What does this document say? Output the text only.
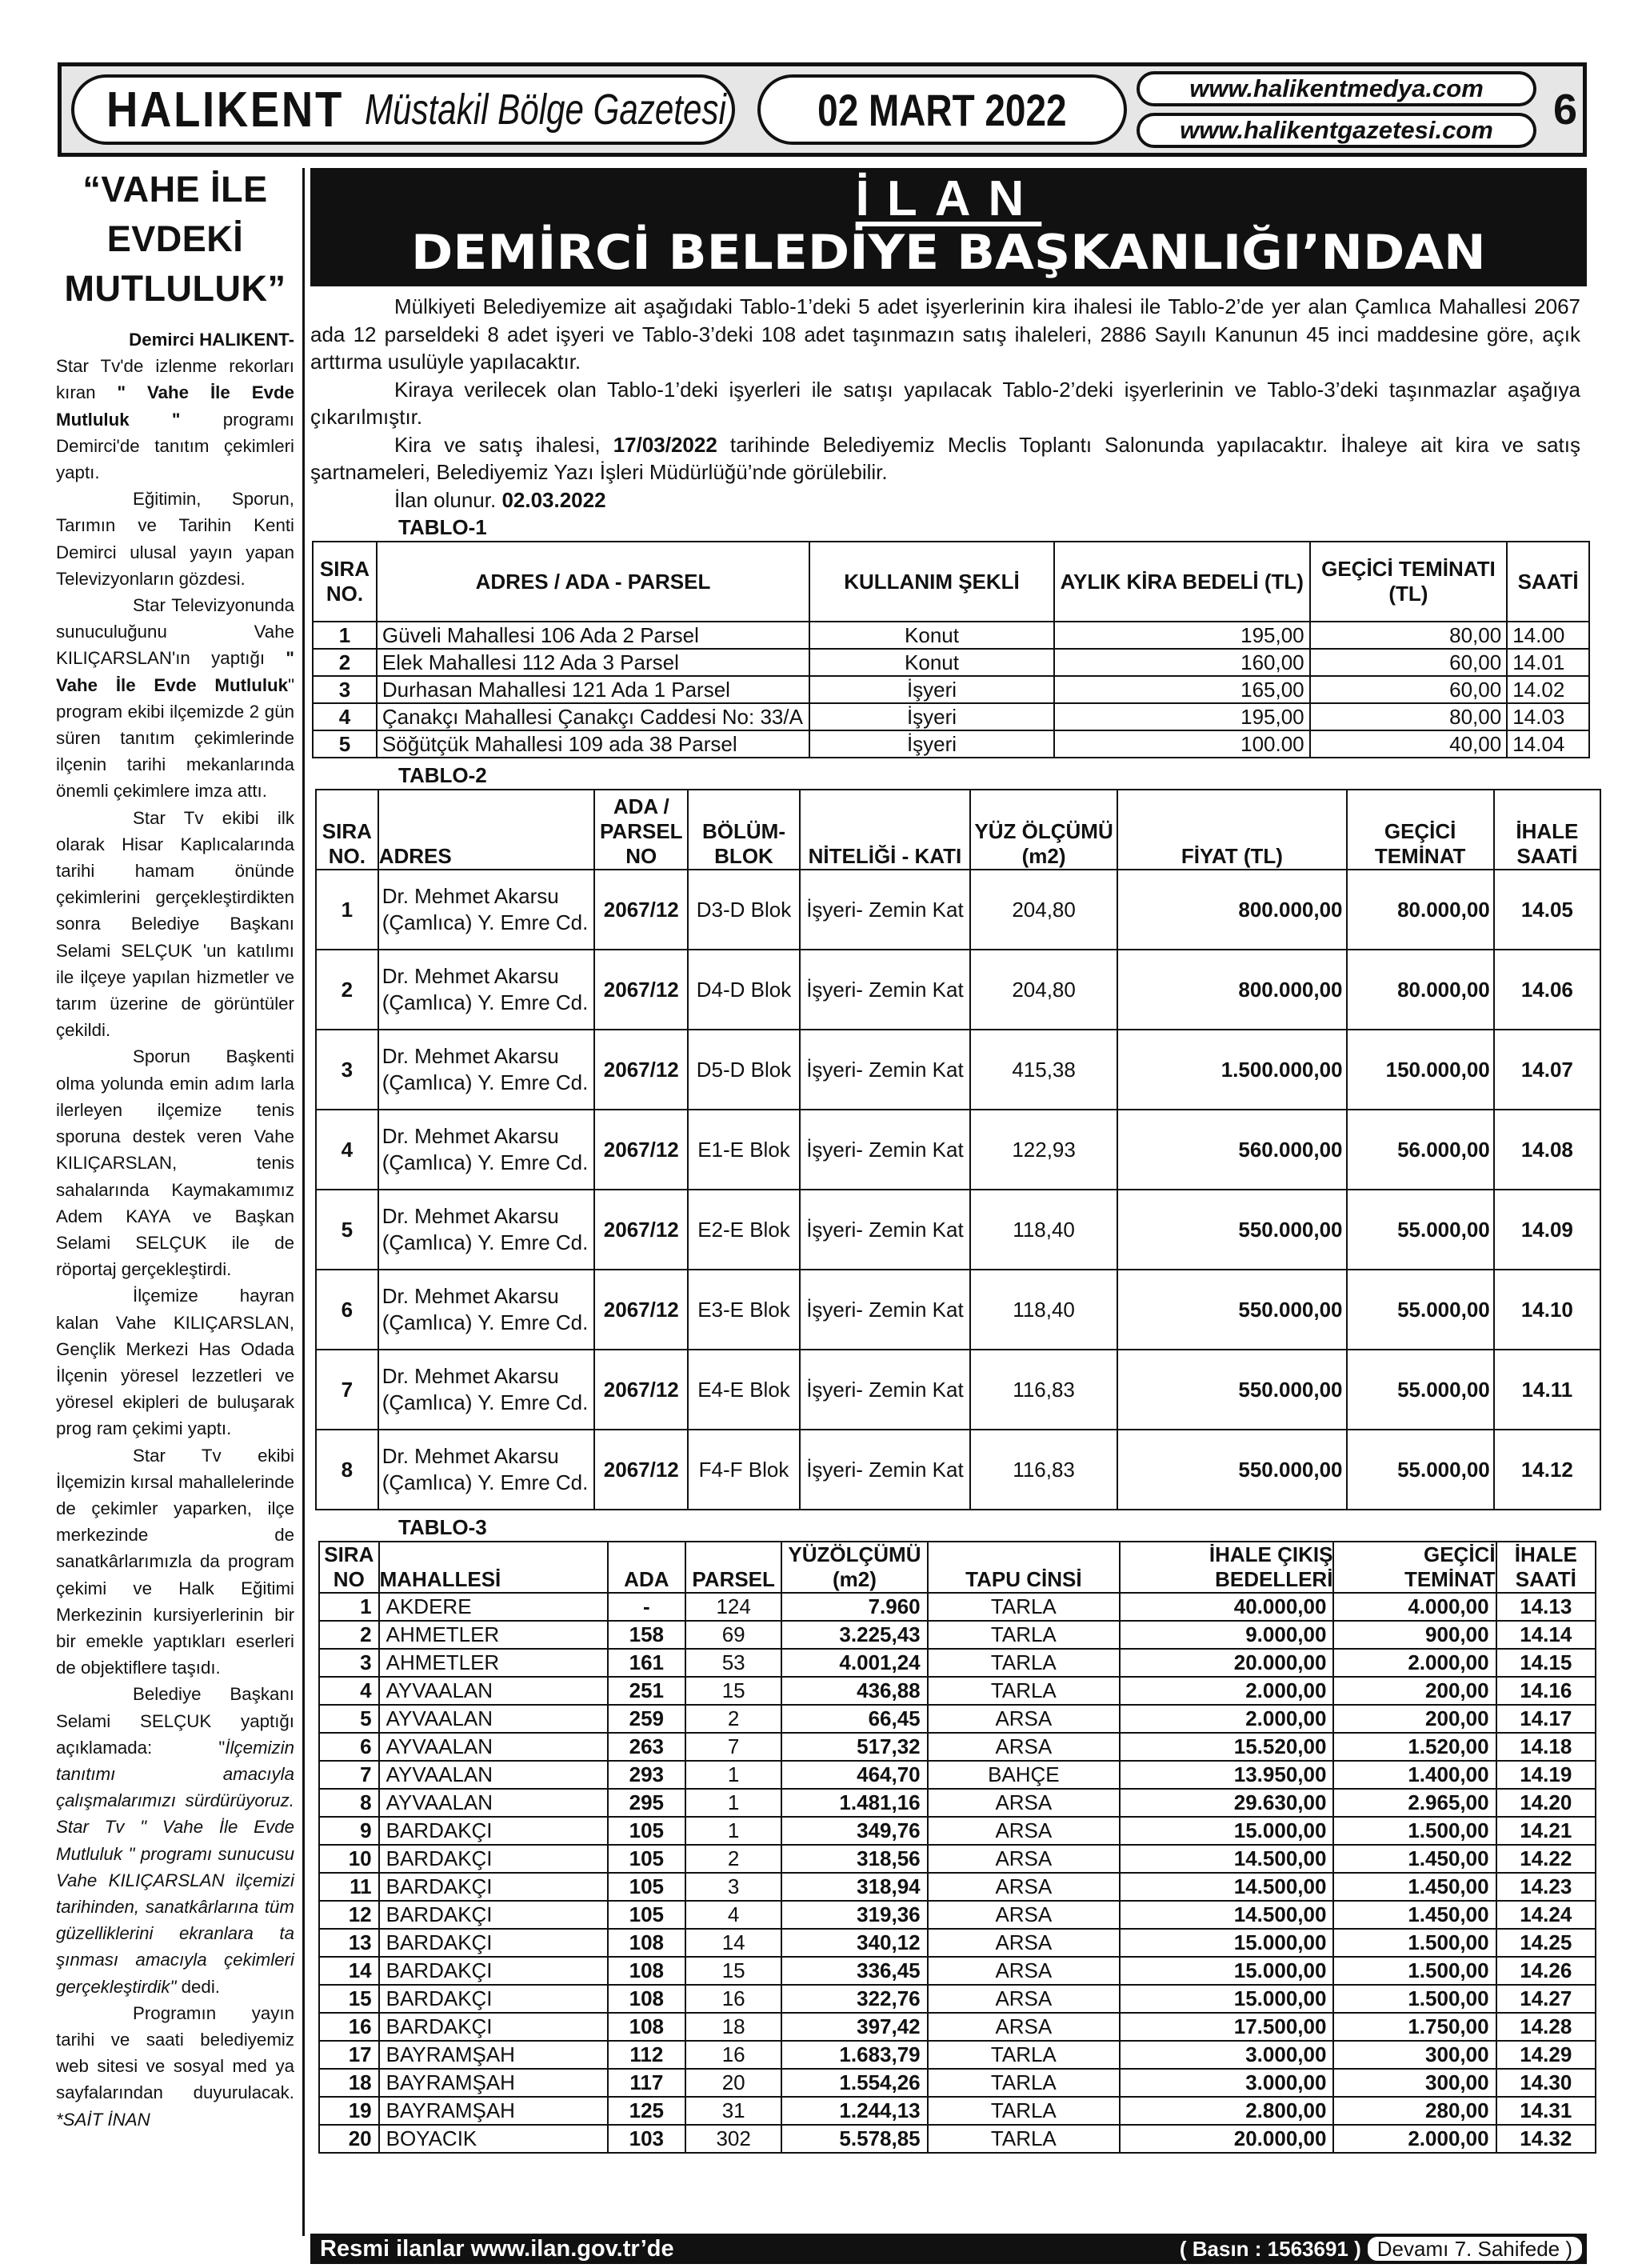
HALIKENT Müstakil Bölge Gazetesi 02 MART 2022	www.halikentmedya.com
www.halikentgazetesi.com	6
“VAHE İLE
EVDEKİ
MUTLULUK”

Demirci HALIKENT-
Star Tv'de izlenme rekorları kıran " Vahe İle Evde Mutluluk " programı Demirci'de tanıtım çekimleri yaptı.

Eğitimin, Sporun, Tarımın ve Tarihin Kenti Demirci ulusal yayın yapan Televizyonların gözdesi.

Star Televizyonunda sunuculuğunu Vahe KILIÇARSLAN'ın yaptığı " Vahe İle Evde Mutluluk" program ekibi ilçemizde 2 gün süren tanıtım çekimlerinde ilçenin tarihi mekanlarında önemli çekimlere imza attı.

Star Tv ekibi ilk olarak Hisar Kaplıcalarında tarihi hamam önünde çekimlerini gerçekleştirdikten sonra Belediye Başkanı Selami SELÇUK 'un katılımı ile ilçeye yapılan hizmetler ve tarım üzerine de görüntüler çekildi.

Sporun Başkenti olma yolunda emin adım larla ilerleyen ilçemize tenis sporuna destek veren Vahe KILIÇARSLAN, tenis sahalarında Kaymakamımız Adem KAYA ve Başkan Selami SELÇUK ile de röportaj gerçekleştirdi.

İlçemize hayran kalan Vahe KILIÇARSLAN, Gençlik Merkezi Has Odada İlçenin yöresel lezzetleri ve yöresel ekipleri de buluşarak prog ram çekimi yaptı.

Star Tv ekibi İlçemizin kırsal mahallelerinde de çekimler yaparken, ilçe merkezinde de sanatkârlarımızla da program çekimi ve Halk Eğitimi Merkezinin kursiyerlerinin bir bir emekle yaptıkları eserleri de objektiflere taşıdı.

Belediye Başkanı Selami SELÇUK yaptığı açıklamada: "İlçemizin tanıtımı amacıyla çalışmalarımızı sürdürüyoruz. Star Tv " Vahe İle Evde Mutluluk " programı sunucusu Vahe KILIÇARSLAN ilçemizi tarihinden, sanatkârlarına tüm güzelliklerini ekranlara ta şınması amacıyla çekimleri gerçekleştirdik" dedi.

Programın yayın tarihi ve saati belediyemiz web sitesi ve sosyal med ya sayfalarından duyurulacak. *SAİT İNAN

İLAN
DEMİRCİ BELEDİYE BAŞKANLIĞI’NDAN

Mülkiyeti Belediyemize ait aşağıdaki Tablo-1’deki 5 adet işyerlerinin kira ihalesi ile Tablo-2’de yer alan Çamlıca Mahallesi 2067 ada 12 parseldeki 8 adet işyeri ve Tablo-3’deki 108 adet taşınmazın satış ihaleleri, 2886 Sayılı Kanunun 45 inci maddesine göre, açık arttırma usulüyle yapılacaktır.

Kiraya verilecek olan Tablo-1’deki işyerleri ile satışı yapılacak Tablo-2’deki işyerlerinin ve Tablo-3’deki taşınmazlar aşağıya çıkarılmıştır.

Kira ve satış ihalesi, 17/03/2022 tarihinde Belediyemiz Meclis Toplantı Salonunda yapılacaktır. İhaleye ait kira ve satış şartnameleri, Belediyemiz Yazı İşleri Müdürlüğü’nde görülebilir.

İlan olunur. 02.03.2022

TABLO-1
SIRA NO.	ADRES / ADA - PARSEL	KULLANIM ŞEKLİ	AYLIK KİRA BEDELİ (TL)	GEÇİCİ TEMİNATI (TL)	SAATİ
1	Güveli Mahallesi 106 Ada 2 Parsel	Konut	195,00	80,00	14.00
2	Elek Mahallesi 112 Ada 3 Parsel	Konut	160,00	60,00	14.01
3	Durhasan Mahallesi 121 Ada 1 Parsel	İşyeri	165,00	60,00	14.02
4	Çanakçı Mahallesi Çanakçı Caddesi No: 33/A	İşyeri	195,00	80,00	14.03
5	Söğütçük Mahallesi 109 ada 38 Parsel	İşyeri	100.00	40,00	14.04
TABLO-2
SIRA NO.	ADRES	ADA / PARSEL NO	BÖLÜM-BLOK	NİTELİĞİ - KATI	YÜZ ÖLÇÜMÜ (m2)	FİYAT (TL)	GEÇİCİ TEMİNAT	İHALE SAATİ
1	Dr. Mehmet Akarsu (Çamlıca) Y. Emre Cd.	2067/12	D3-D Blok	İşyeri- Zemin Kat	204,80	800.000,00	80.000,00	14.05
2	Dr. Mehmet Akarsu (Çamlıca) Y. Emre Cd.	2067/12	D4-D Blok	İşyeri- Zemin Kat	204,80	800.000,00	80.000,00	14.06
3	Dr. Mehmet Akarsu (Çamlıca) Y. Emre Cd.	2067/12	D5-D Blok	İşyeri- Zemin Kat	415,38	1.500.000,00	150.000,00	14.07
4	Dr. Mehmet Akarsu (Çamlıca) Y. Emre Cd.	2067/12	E1-E Blok	İşyeri- Zemin Kat	122,93	560.000,00	56.000,00	14.08
5	Dr. Mehmet Akarsu (Çamlıca) Y. Emre Cd.	2067/12	E2-E Blok	İşyeri- Zemin Kat	118,40	550.000,00	55.000,00	14.09
6	Dr. Mehmet Akarsu (Çamlıca) Y. Emre Cd.	2067/12	E3-E Blok	İşyeri- Zemin Kat	118,40	550.000,00	55.000,00	14.10
7	Dr. Mehmet Akarsu (Çamlıca) Y. Emre Cd.	2067/12	E4-E Blok	İşyeri- Zemin Kat	116,83	550.000,00	55.000,00	14.11
8	Dr. Mehmet Akarsu (Çamlıca) Y. Emre Cd.	2067/12	F4-F Blok	İşyeri- Zemin Kat	116,83	550.000,00	55.000,00	14.12
TABLO-3
SIRA NO	MAHALLESİ	ADA	PARSEL	YÜZÖLÇÜMÜ (m2)	TAPU CİNSİ	İHALE ÇIKIŞ BEDELLERİ	GEÇİCİ TEMİNAT	İHALE SAATİ
1	AKDERE	-	124	7.960	TARLA	40.000,00	4.000,00	14.13
2	AHMETLER	158	69	3.225,43	TARLA	9.000,00	900,00	14.14
3	AHMETLER	161	53	4.001,24	TARLA	20.000,00	2.000,00	14.15
4	AYVAALAN	251	15	436,88	TARLA	2.000,00	200,00	14.16
5	AYVAALAN	259	2	66,45	ARSA	2.000,00	200,00	14.17
6	AYVAALAN	263	7	517,32	ARSA	15.520,00	1.520,00	14.18
7	AYVAALAN	293	1	464,70	BAHÇE	13.950,00	1.400,00	14.19
8	AYVAALAN	295	1	1.481,16	ARSA	29.630,00	2.965,00	14.20
9	BARDAKÇI	105	1	349,76	ARSA	15.000,00	1.500,00	14.21
10	BARDAKÇI	105	2	318,56	ARSA	14.500,00	1.450,00	14.22
11	BARDAKÇI	105	3	318,94	ARSA	14.500,00	1.450,00	14.23
12	BARDAKÇI	105	4	319,36	ARSA	14.500,00	1.450,00	14.24
13	BARDAKÇI	108	14	340,12	ARSA	15.000,00	1.500,00	14.25
14	BARDAKÇI	108	15	336,45	ARSA	15.000,00	1.500,00	14.26
15	BARDAKÇI	108	16	322,76	ARSA	15.000,00	1.500,00	14.27
16	BARDAKÇI	108	18	397,42	ARSA	17.500,00	1.750,00	14.28
17	BAYRAMŞAH	112	16	1.683,79	TARLA	3.000,00	300,00	14.29
18	BAYRAMŞAH	117	20	1.554,26	TARLA	3.000,00	300,00	14.30
19	BAYRAMŞAH	125	31	1.244,13	TARLA	2.800,00	280,00	14.31
20	BOYACIK	103	302	5.578,85	TARLA	20.000,00	2.000,00	14.32
Resmi ilanlar www.ilan.gov.tr’de	( Basın : 1563691 ) Devamı 7. Sahifede )
